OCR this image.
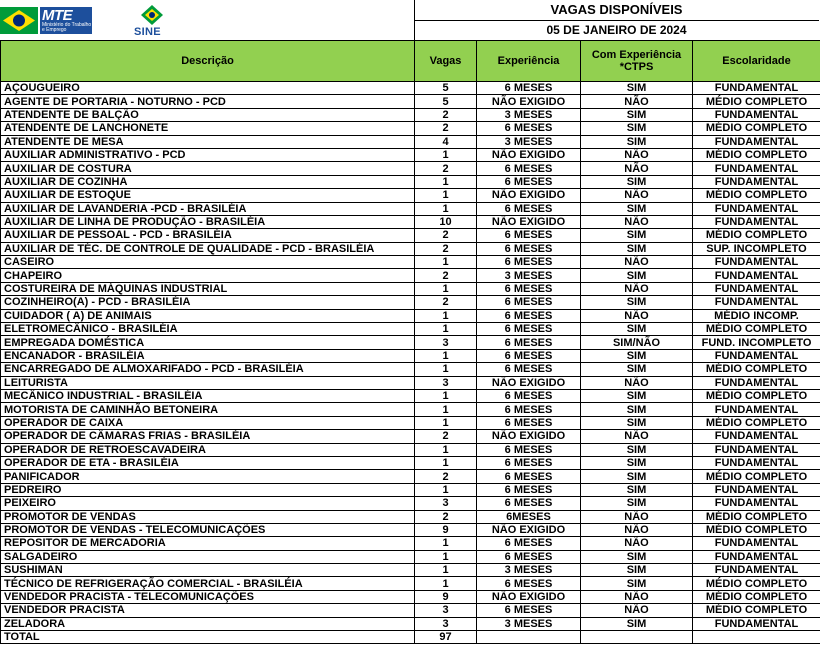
MTE
Ministério do Trabalho e Emprego	SINE
VAGAS DISPONÍVEIS
05 DE JANEIRO DE 2024
Descrição	Vagas	Experiência	Com Experiência *CTPS	Escolaridade
AÇOUGUEIRO	5	6 MESES	SIM	FUNDAMENTAL
AGENTE DE PORTARIA - NOTURNO - PCD	5	NÃO EXIGIDO	NÃO	MÉDIO COMPLETO
ATENDENTE DE BALÇÃO	2	3 MESES	SIM	FUNDAMENTAL
ATENDENTE DE LANCHONETE	2	6 MESES	SIM	MÉDIO COMPLETO
ATENDENTE DE MESA	4	3 MESES	SIM	FUNDAMENTAL
AUXILIAR ADMINISTRATIVO - PCD	1	NÃO EXIGIDO	NÃO	MÉDIO COMPLETO
AUXILIAR DE COSTURA	2	6 MESES	NÃO	FUNDAMENTAL
AUXILIAR DE COZINHA	1	6 MESES	SIM	FUNDAMENTAL
AUXILIAR DE ESTOQUE	1	NÃO EXIGIDO	NÃO	MÉDIO COMPLETO
AUXILIAR DE LAVANDERIA -PCD - BRASILÉIA	1	6 MESES	SIM	FUNDAMENTAL
AUXILIAR DE LINHA DE PRODUÇÃO - BRASILÉIA	10	NÃO EXIGIDO	NÃO	FUNDAMENTAL
AUXILIAR DE PESSOAL - PCD - BRASILÉIA	2	6 MESES	SIM	MÉDIO COMPLETO
AUXILIAR DE TÉC. DE CONTROLE DE QUALIDADE - PCD - BRASILÉIA	2	6 MESES	SIM	SUP. INCOMPLETO
CASEIRO	1	6 MESES	NÃO	FUNDAMENTAL
CHAPEIRO	2	3 MESES	SIM	FUNDAMENTAL
COSTUREIRA DE MÁQUINAS INDUSTRIAL	1	6 MESES	NÃO	FUNDAMENTAL
COZINHEIRO(A) - PCD - BRASILÉIA	2	6 MESES	SIM	FUNDAMENTAL
CUIDADOR ( A) DE ANIMAIS	1	6 MESES	NÃO	MÉDIO INCOMP.
ELETROMECÂNICO - BRASILÉIA	1	6 MESES	SIM	MÉDIO COMPLETO
EMPREGADA DOMÉSTICA	3	6 MESES	SIM/NÃO	FUND. INCOMPLETO
ENCANADOR - BRASILÉIA	1	6 MESES	SIM	FUNDAMENTAL
ENCARREGADO DE ALMOXARIFADO - PCD - BRASILÉIA	1	6 MESES	SIM	MÉDIO COMPLETO
LEITURISTA	3	NÃO EXIGIDO	NÃO	FUNDAMENTAL
MECÂNICO INDUSTRIAL - BRASILÉIA	1	6 MESES	SIM	MÉDIO COMPLETO
MOTORISTA DE CAMINHÃO BETONEIRA	1	6 MESES	SIM	FUNDAMENTAL
OPERADOR DE CAIXA	1	6 MESES	SIM	MÉDIO COMPLETO
OPERADOR DE CÂMARAS FRIAS - BRASILÉIA	2	NÃO EXIGIDO	NÃO	FUNDAMENTAL
OPERADOR DE RETROESCAVADEIRA	1	6 MESES	SIM	FUNDAMENTAL
OPERADOR DE ETA - BRASILÉIA	1	6 MESES	SIM	FUNDAMENTAL
PANIFICADOR	2	6 MESES	SIM	MÉDIO COMPLETO
PEDREIRO	1	6 MESES	SIM	FUNDAMENTAL
PEIXEIRO	3	6 MESES	SIM	FUNDAMENTAL
PROMOTOR DE VENDAS	2	6MESES	NÃO	MÉDIO COMPLETO
PROMOTOR DE VENDAS - TELECOMUNICAÇÕES	9	NÃO EXIGIDO	NÃO	MÉDIO COMPLETO
REPOSITOR DE MERCADORIA	1	6 MESES	NÃO	FUNDAMENTAL
SALGADEIRO	1	6 MESES	SIM	FUNDAMENTAL
SUSHIMAN	1	3 MESES	SIM	FUNDAMENTAL
TÉCNICO DE REFRIGERAÇÃO COMERCIAL - BRASILÉIA	1	6 MESES	SIM	MÉDIO COMPLETO
VENDEDOR PRACISTA - TELECOMUNICAÇÕES	9	NÃO EXIGIDO	NÃO	MÉDIO COMPLETO
VENDEDOR PRACISTA	3	6 MESES	NÃO	MÉDIO COMPLETO
ZELADORA	3	3 MESES	SIM	FUNDAMENTAL
TOTAL	97			
